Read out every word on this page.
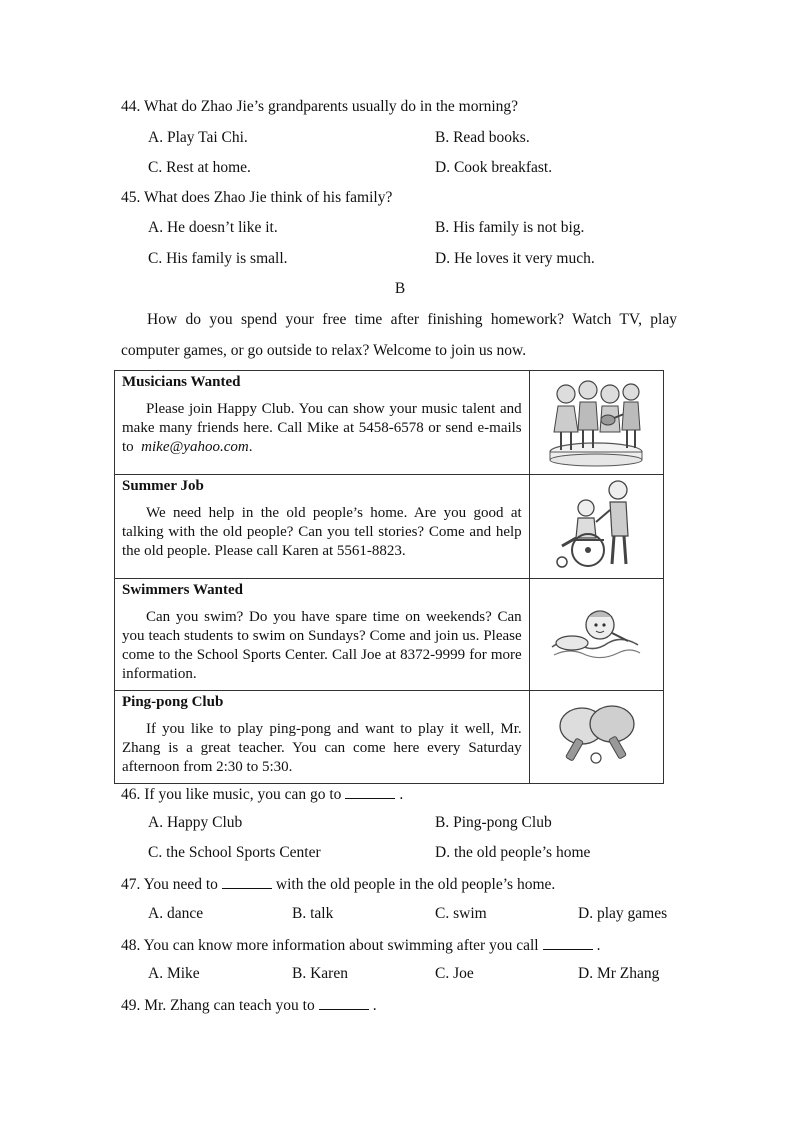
44. What do Zhao Jie’s grandparents usually do in the morning?
A. Play Tai Chi.	B. Read books.
C. Rest at home.	D. Cook breakfast.
45. What does Zhao Jie think of his family?
A. He doesn’t like it.	B. His family is not big.
C. His family is small.	D. He loves it very much.
B
How do you spend your free time after finishing homework? Watch TV, play computer games, or go outside to relax? Welcome to join us now.

Musicians Wanted

Please join Happy Club. You can show your music talent and make many friends here. Call Mike at 5458-6578 or send e-mails to mike@yahoo.com.

Summer Job

We need help in the old people’s home. Are you good at talking with the old people? Can you tell stories? Come and help the old people. Please call Karen at 5561-8823.

Swimmers Wanted

Can you swim? Do you have spare time on weekends? Can you teach students to swim on Sundays? Come and join us. Please come to the School Sports Center. Call Joe at 8372-9999 for more information.

Ping-pong Club

If you like to play ping-pong and want to play it well, Mr. Zhang is a great teacher. You can come here every Saturday afternoon from 2:30 to 5:30.

46. If you like music, you can go to	.
A. Happy Club	B. Ping-pong Club
C. the School Sports Center	D. the old people’s home
47. You need to	with the old people in the old people’s home.
A. dance	B. talk	C. swim	D. play games
48. You can know more information about swimming after you call	.
A. Mike	B. Karen	C. Joe	D. Mr Zhang
49. Mr. Zhang can teach you to	.
